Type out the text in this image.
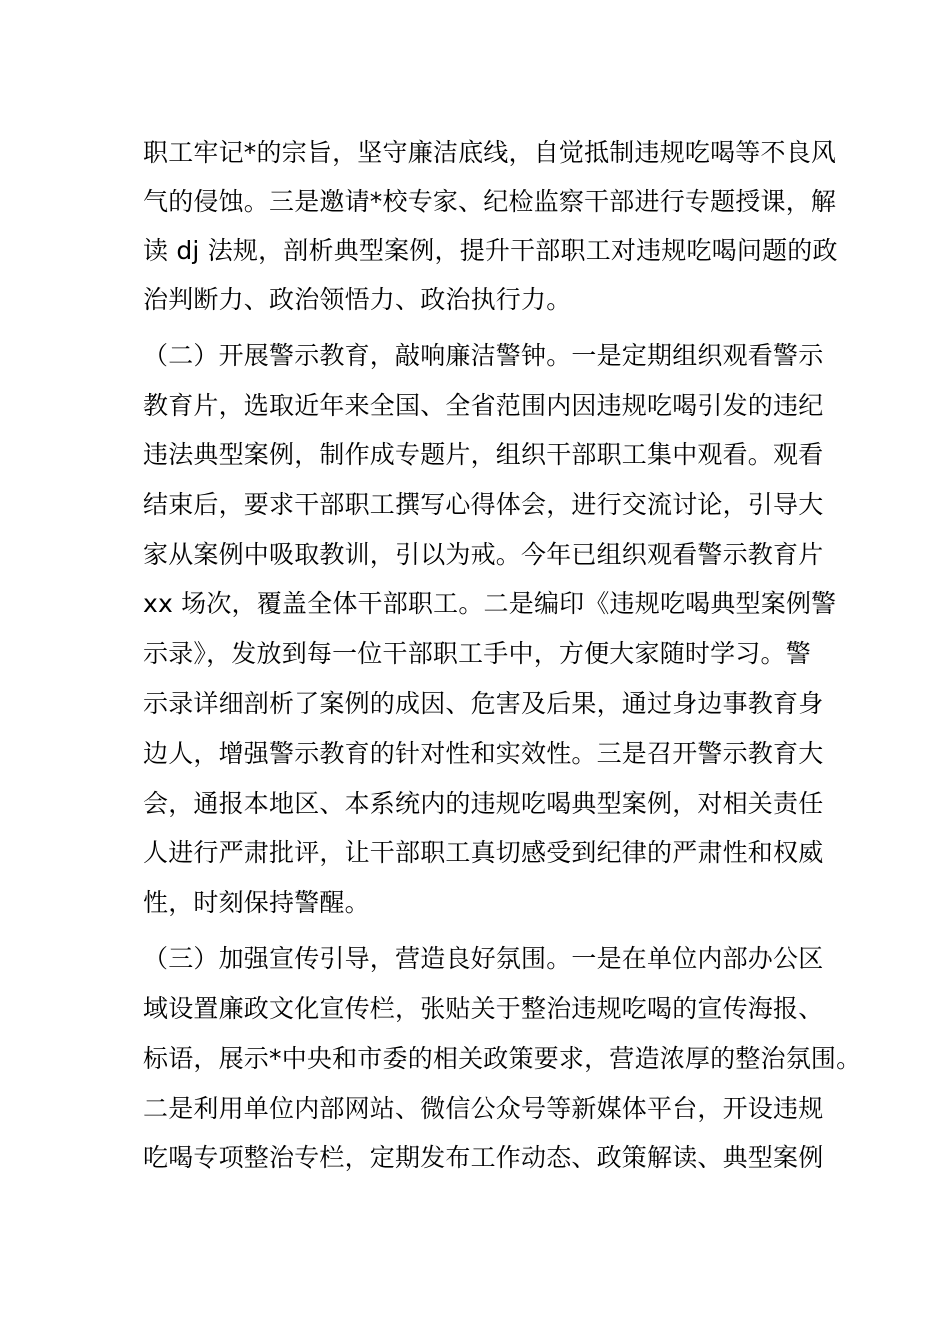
职工牢记*的宗旨，坚守廉洁底线，自觉抵制违规吃喝等不良风
气的侵蚀。三是邀请*校专家、纪检监察干部进行专题授课，解
读 dj 法规，剖析典型案例，提升干部职工对违规吃喝问题的政
治判断力、政治领悟力、政治执行力。
（二）开展警示教育，敲响廉洁警钟。一是定期组织观看警示
教育片，选取近年来全国、全省范围内因违规吃喝引发的违纪
违法典型案例，制作成专题片，组织干部职工集中观看。观看
结束后，要求干部职工撰写心得体会，进行交流讨论，引导大
家从案例中吸取教训，引以为戒。今年已组织观看警示教育片
xx 场次，覆盖全体干部职工。二是编印《违规吃喝典型案例警
示录》，发放到每一位干部职工手中，方便大家随时学习。警
示录详细剖析了案例的成因、危害及后果，通过身边事教育身
边人，增强警示教育的针对性和实效性。三是召开警示教育大
会，通报本地区、本系统内的违规吃喝典型案例，对相关责任
人进行严肃批评，让干部职工真切感受到纪律的严肃性和权威
性，时刻保持警醒。
（三）加强宣传引导，营造良好氛围。一是在单位内部办公区
域设置廉政文化宣传栏，张贴关于整治违规吃喝的宣传海报、
标语，展示*中央和市委的相关政策要求，营造浓厚的整治氛围。
二是利用单位内部网站、微信公众号等新媒体平台，开设违规
吃喝专项整治专栏，定期发布工作动态、政策解读、典型案例
